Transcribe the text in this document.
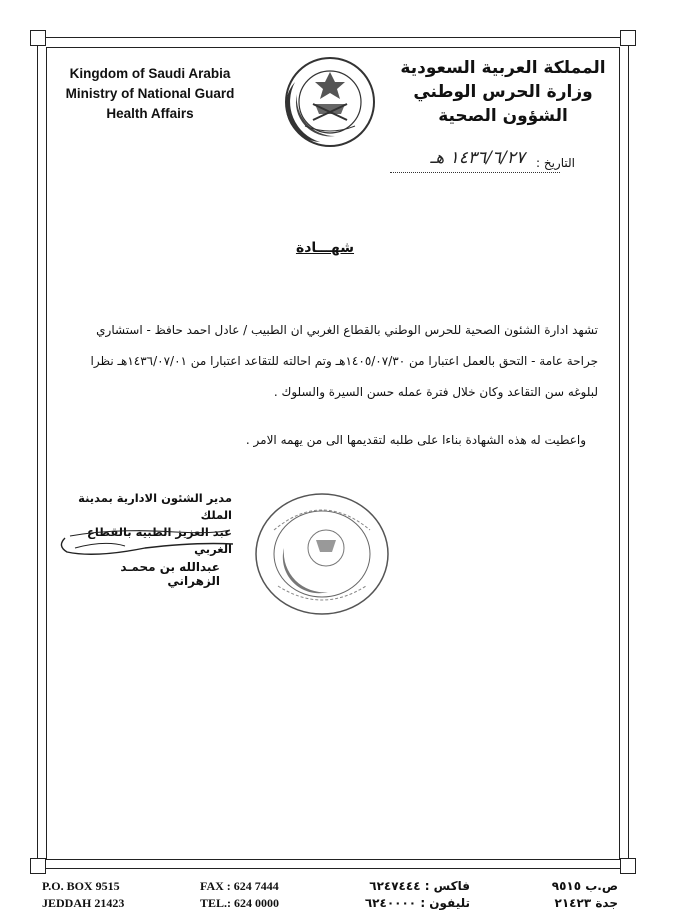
Kingdom of Saudi Arabia
Ministry of National Guard
Health Affairs
المملكة العربية السعودية
وزارة الحرس الوطني
الشؤون الصحية
التاريخ :
١٤٣٦/٦/٢٧ هـ
شهـــادة
تشهد ادارة الشئون الصحية للحرس الوطني بالقطاع الغربي ان الطبيب / عادل احمد حافظ - استشاري
جراحة عامة - التحق بالعمل اعتبارا من ١٤٠٥/٠٧/٣٠هـ وتم احالته للتقاعد اعتبارا من ١٤٣٦/٠٧/٠١هـ نظرا
لبلوغه سن التقاعد وكان خلال فترة عمله حسن السيرة والسلوك .
واعطيت له هذه الشهادة بناءا على طلبه لتقديمها الى من يهمه الامر .
مدير الشئون الادارية بمدينة الملك
عبد العزيز الطبية بالقطاع الغربي
عبدالله بن محمـد الزهراني
P.O. BOX 9515
JEDDAH 21423
FAX : 624 7444
TEL.: 624 0000
فاكس : ٦٢٤٧٤٤٤
تليفون : ٦٢٤٠٠٠٠
ص.ب ٩٥١٥
جدة ٢١٤٢٣
